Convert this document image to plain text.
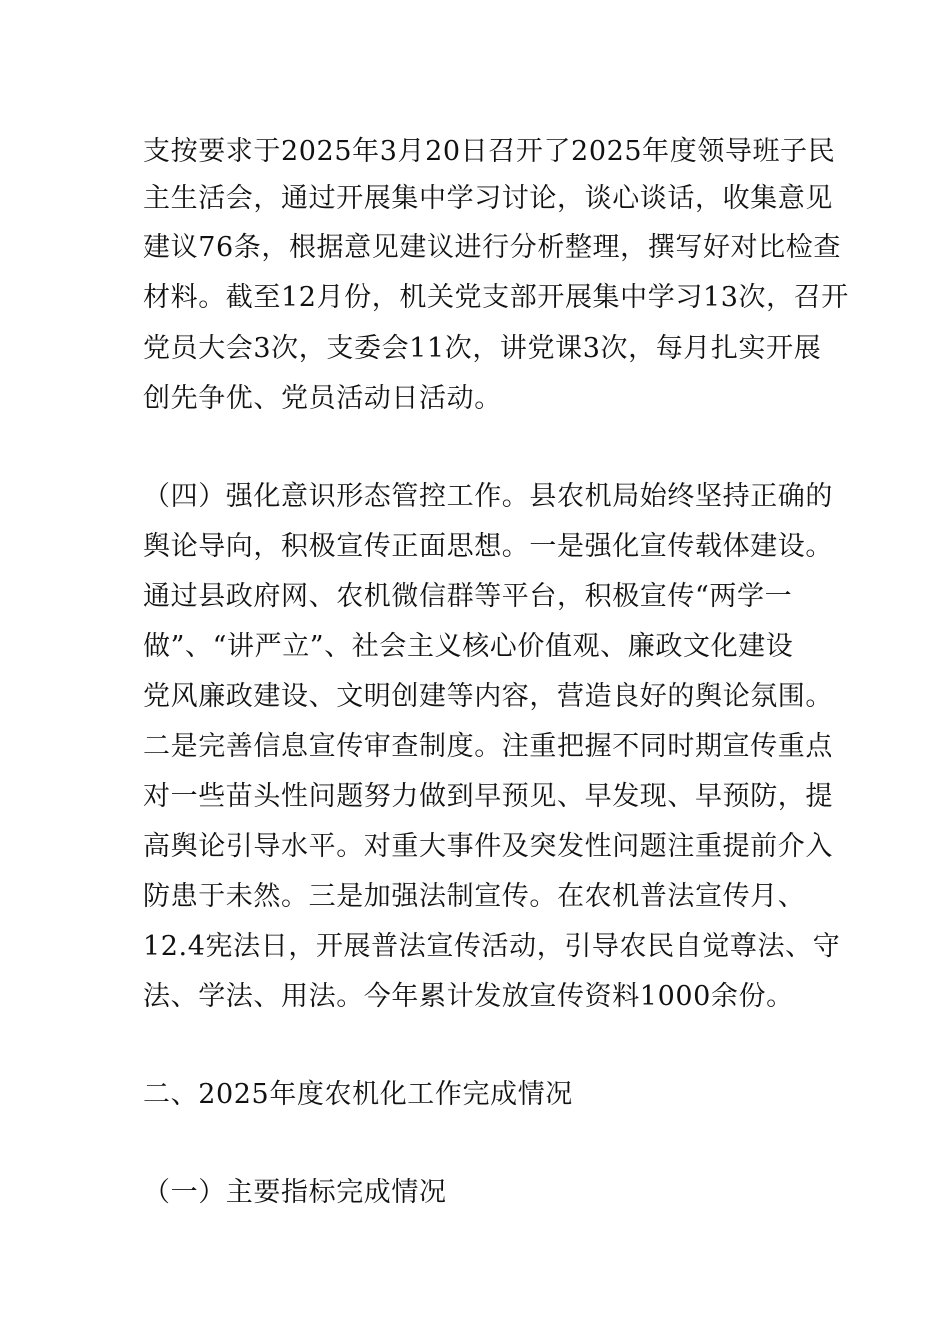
支按要求于2025年3月20日召开了2025年度领导班子民
主生活会，通过开展集中学习讨论，谈心谈话，收集意见
建议76条，根据意见建议进行分析整理，撰写好对比检查
材料。截至12月份，机关党支部开展集中学习13次，召开
党员大会3次，支委会11次，讲党课3次，每月扎实开展
创先争优、党员活动日活动。
（四）强化意识形态管控工作。县农机局始终坚持正确的
舆论导向，积极宣传正面思想。一是强化宣传载体建设。
通过县政府网、农机微信群等平台，积极宣传“两学一
做”、“讲严立”、社会主义核心价值观、廉政文化建设
党风廉政建设、文明创建等内容，营造良好的舆论氛围。
二是完善信息宣传审查制度。注重把握不同时期宣传重点
对一些苗头性问题努力做到早预见、早发现、早预防，提
高舆论引导水平。对重大事件及突发性问题注重提前介入
防患于未然。三是加强法制宣传。在农机普法宣传月、
12.4宪法日，开展普法宣传活动，引导农民自觉尊法、守
法、学法、用法。今年累计发放宣传资料1000余份。
二、2025年度农机化工作完成情况
（一）主要指标完成情况
